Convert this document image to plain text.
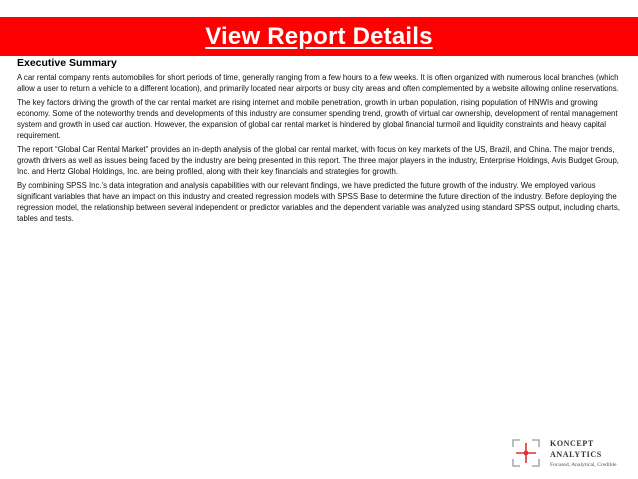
View Report Details
Executive Summary

A car rental company rents automobiles for short periods of time, generally ranging from a few hours to a few weeks. It is often organized with numerous local branches (which allow a user to return a vehicle to a different location), and primarily located near airports or busy city areas and often complemented by a website allowing online reservations.

The key factors driving the growth of the car rental market are rising internet and mobile penetration, growth in urban population, rising population of HNWIs and growing economy. Some of the noteworthy trends and developments of this industry are consumer spending trend, growth of virtual car ownership, development of rental management system and growth in used car auction. However, the expansion of global car rental market is hindered by global financial turmoil and liquidity constraints and heavy capital requirement.

The report “Global Car Rental Market” provides an in-depth analysis of the global car rental market, with focus on key markets of the US, Brazil, and China. The major trends, growth drivers as well as issues being faced by the industry are being presented in this report. The three major players in the industry, Enterprise Holdings, Avis Budget Group, Inc. and Hertz Global Holdings, Inc. are being profiled, along with their key financials and strategies for growth.

By combining SPSS Inc.’s data integration and analysis capabilities with our relevant findings, we have predicted the future growth of the industry. We employed various significant variables that have an impact on this industry and created regression models with SPSS Base to determine the future direction of the industry. Before deploying the regression model, the relationship between several independent or predictor variables and the dependent variable was analyzed using standard SPSS output, including charts, tables and tests.

KONCEPT
ANALYTICS
Focused, Analytical, Credible
